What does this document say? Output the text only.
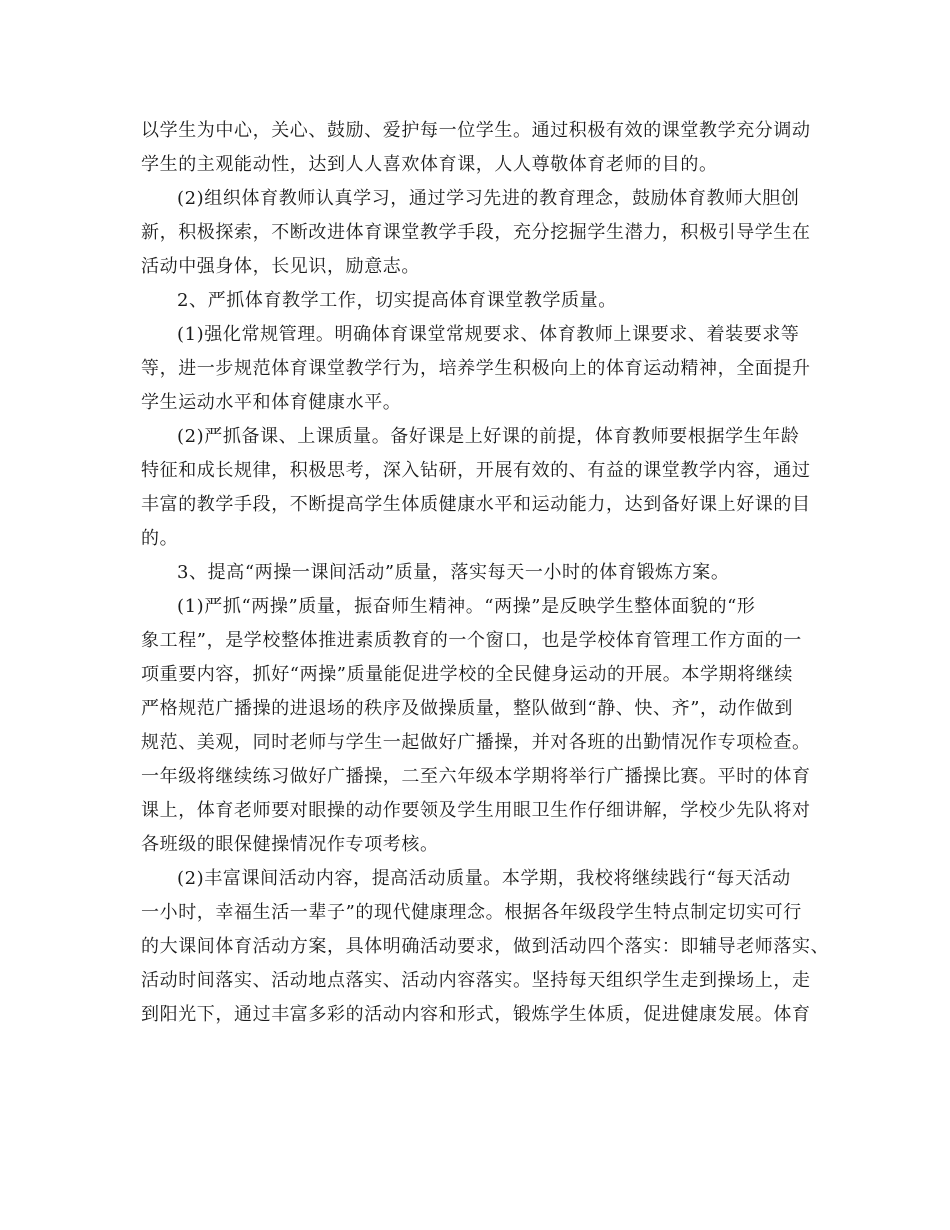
以学生为中心，关心、鼓励、爱护每一位学生。通过积极有效的课堂教学充分调动
学生的主观能动性，达到人人喜欢体育课，人人尊敬体育老师的目的。
(2)组织体育教师认真学习，通过学习先进的教育理念，鼓励体育教师大胆创
新，积极探索，不断改进体育课堂教学手段，充分挖掘学生潜力，积极引导学生在
活动中强身体，长见识，励意志。
2、严抓体育教学工作，切实提高体育课堂教学质量。
(1)强化常规管理。明确体育课堂常规要求、体育教师上课要求、着装要求等
等，进一步规范体育课堂教学行为，培养学生积极向上的体育运动精神，全面提升
学生运动水平和体育健康水平。
(2)严抓备课、上课质量。备好课是上好课的前提，体育教师要根据学生年龄
特征和成长规律，积极思考，深入钻研，开展有效的、有益的课堂教学内容，通过
丰富的教学手段，不断提高学生体质健康水平和运动能力，达到备好课上好课的目
的。
3、提高“两操一课间活动”质量，落实每天一小时的体育锻炼方案。
(1)严抓“两操”质量，振奋师生精神。“两操”是反映学生整体面貌的“形
象工程”，是学校整体推进素质教育的一个窗口，也是学校体育管理工作方面的一
项重要内容，抓好“两操”质量能促进学校的全民健身运动的开展。本学期将继续
严格规范广播操的进退场的秩序及做操质量，整队做到“静、快、齐”，动作做到
规范、美观，同时老师与学生一起做好广播操，并对各班的出勤情况作专项检查。
一年级将继续练习做好广播操，二至六年级本学期将举行广播操比赛。平时的体育
课上，体育老师要对眼操的动作要领及学生用眼卫生作仔细讲解，学校少先队将对
各班级的眼保健操情况作专项考核。
(2)丰富课间活动内容，提高活动质量。本学期，我校将继续践行“每天活动
一小时，幸福生活一辈子”的现代健康理念。根据各年级段学生特点制定切实可行
的大课间体育活动方案，具体明确活动要求，做到活动四个落实：即辅导老师落实、
活动时间落实、活动地点落实、活动内容落实。坚持每天组织学生走到操场上，走
到阳光下，通过丰富多彩的活动内容和形式，锻炼学生体质，促进健康发展。体育
